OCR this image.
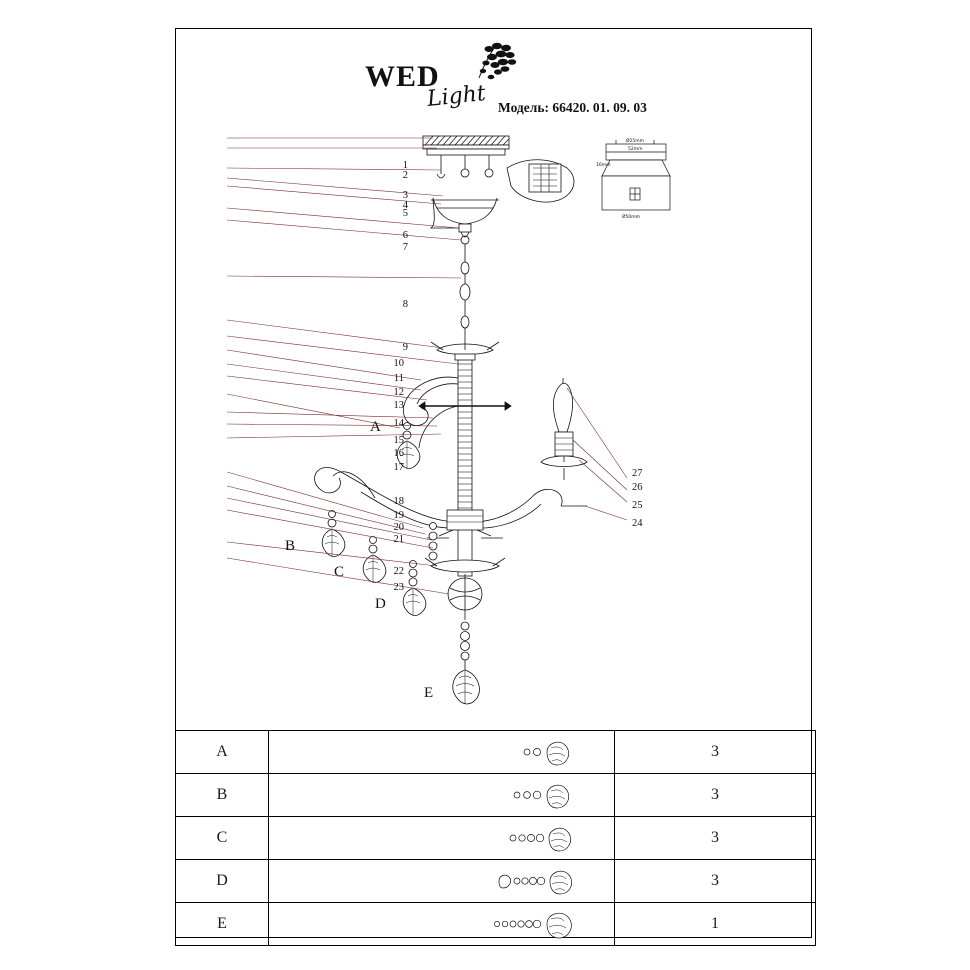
WED
Light Модель: 66420. 01. 09. 03
Ø25mm
52mm
16mm
Ø50mm
1
2
3
4
5
6
7
8
9
10
11
12
13
14
15
16
17
18
19
20
21
22
23
24
25
26
27
A
B
C
D
E
A		3
B		3
C		3
D		3
E		1
